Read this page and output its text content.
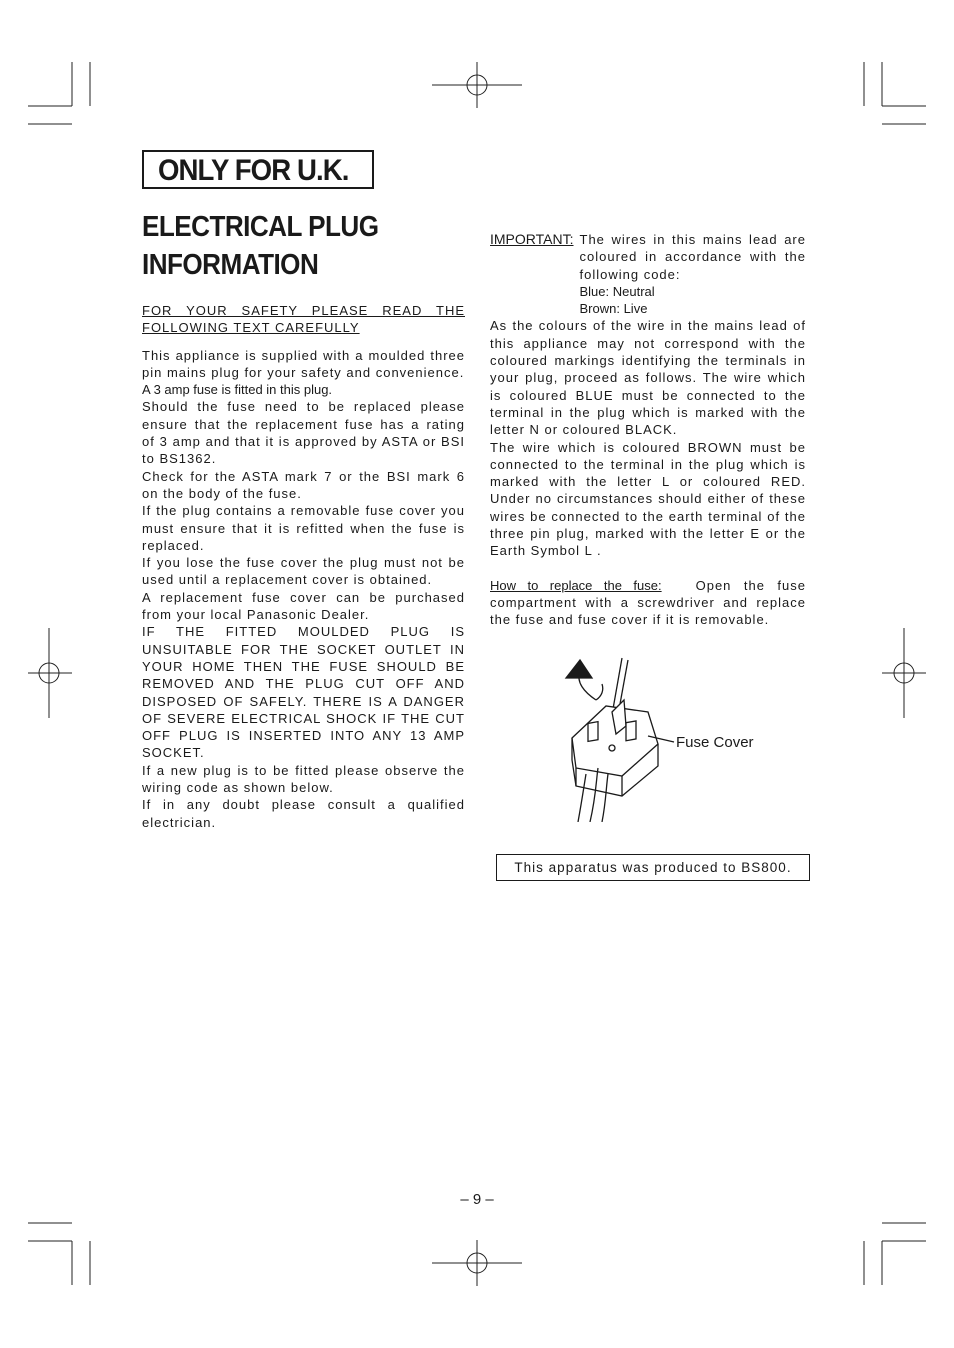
ONLY FOR U.K.
ELECTRICAL PLUG
INFORMATION

FOR YOUR SAFETY PLEASE READ THE FOLLOWING TEXT CAREFULLY

This appliance is supplied with a moulded three pin mains plug for your safety and convenience.

A 3 amp fuse is fitted in this plug.

Should the fuse need to be replaced please ensure that the replacement fuse has a rating of 3 amp and that it is approved by ASTA or BSI to BS1362.

Check for the ASTA mark 7 or the BSI mark 6 on the body of the fuse.

If the plug contains a removable fuse cover you must ensure that it is refitted when the fuse is replaced.

If you lose the fuse cover the plug must not be used until a replacement cover is obtained.

A replacement fuse cover can be purchased from your local Panasonic Dealer.

IF THE FITTED MOULDED PLUG IS UNSUITABLE FOR THE SOCKET OUTLET IN YOUR HOME THEN THE FUSE SHOULD BE REMOVED AND THE PLUG CUT OFF AND DISPOSED OF SAFELY. THERE IS A DANGER OF SEVERE ELECTRICAL SHOCK IF THE CUT OFF PLUG IS INSERTED INTO ANY 13 AMP SOCKET.

If a new plug is to be fitted please observe the wiring code as shown below.

If in any doubt please consult a qualified electrician.

IMPORTANT: The wires in this mains lead are coloured in accordance with the following code:

Blue: Neutral

Brown: Live

As the colours of the wire in the mains lead of this appliance may not correspond with the coloured markings identifying the terminals in your plug, proceed as follows. The wire which is coloured BLUE must be connected to the terminal in the plug which is marked with the letter N or coloured BLACK.

The wire which is coloured BROWN must be connected to the terminal in the plug which is marked with the letter L or coloured RED. Under no circumstances should either of these wires be connected to the earth terminal of the three pin plug, marked with the letter E or the Earth Symbol L .

How to replace the fuse:	Open the fuse compartment with a screwdriver and replace the fuse and fuse cover if it is removable.

Fuse Cover
This apparatus was produced to BS800.
– 9 –
